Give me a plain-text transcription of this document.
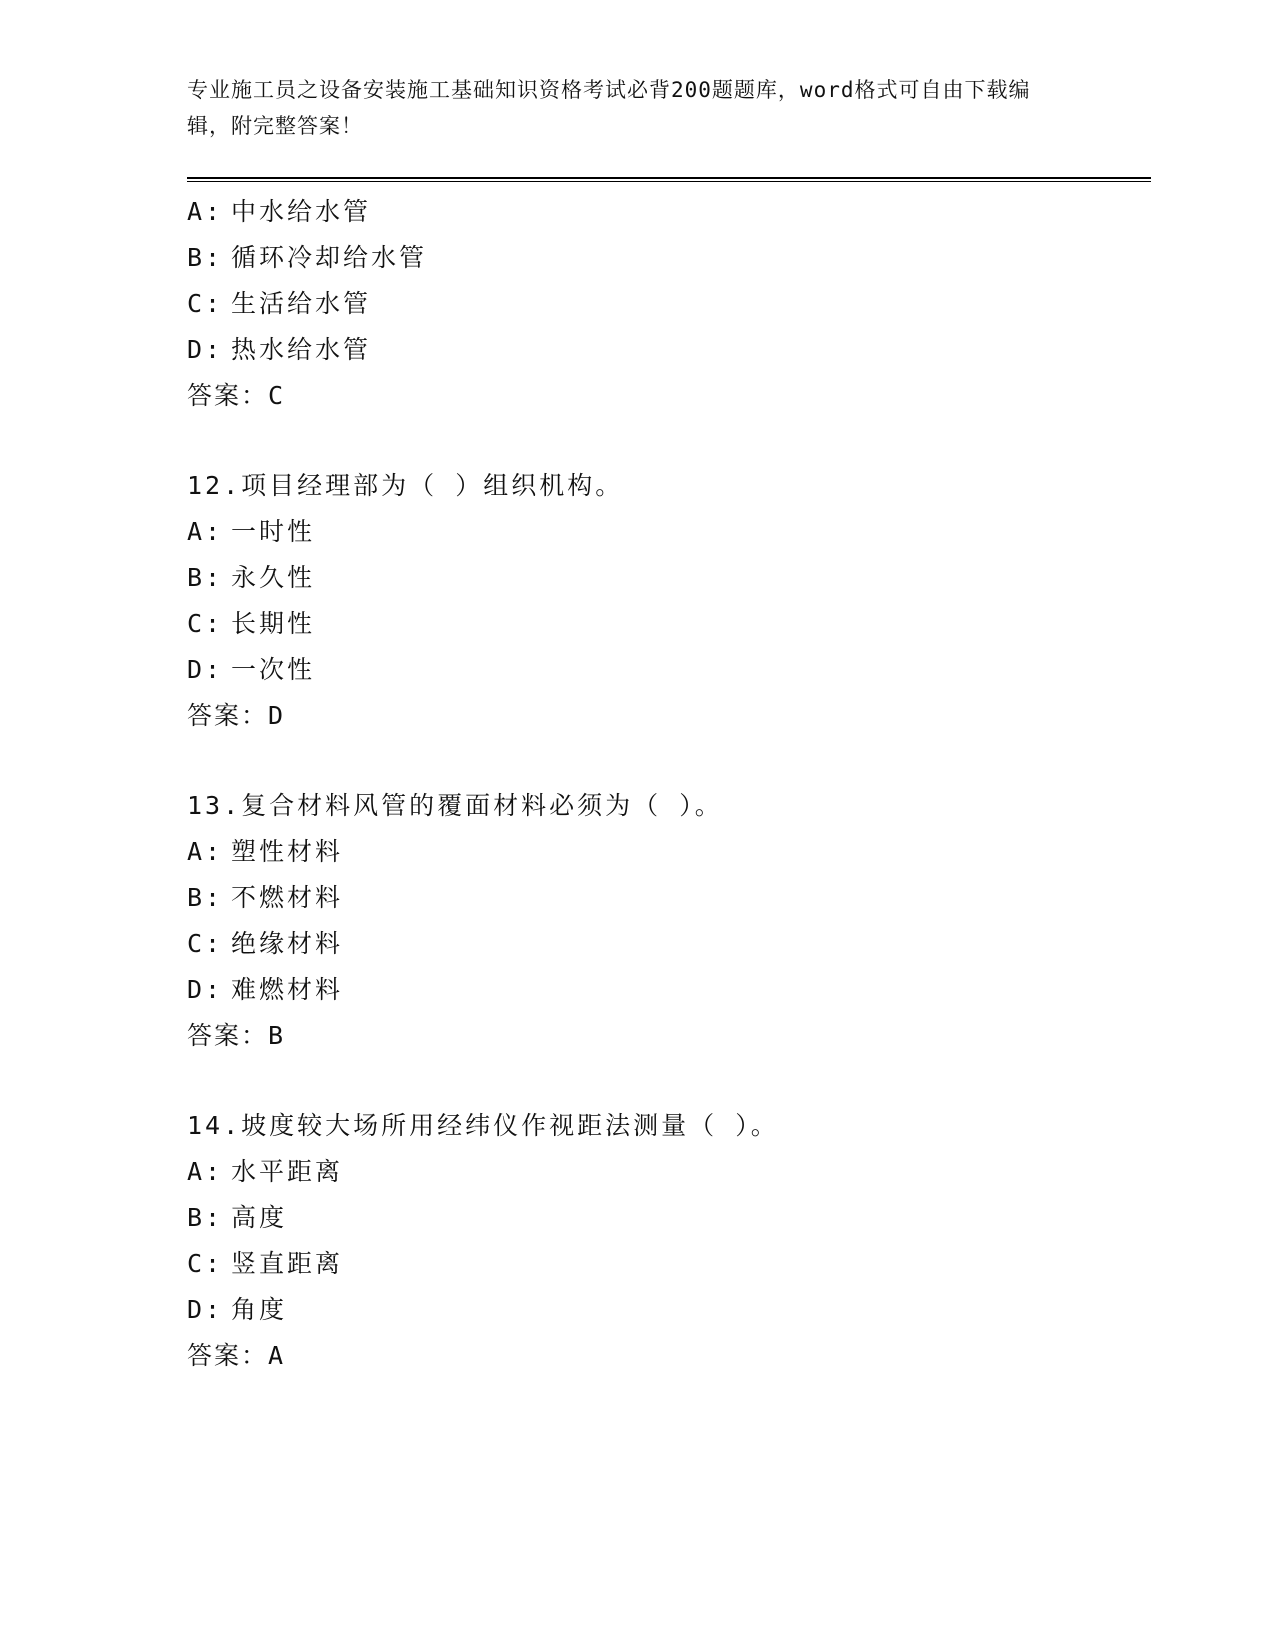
专业施工员之设备安装施工基础知识资格考试必背200题题库，word格式可自由下载编辑，附完整答案！
A: 中水给水管
B: 循环冷却给水管
C: 生活给水管
D: 热水给水管
答案：C
12.项目经理部为（ ）组织机构。
A: 一时性
B: 永久性
C: 长期性
D: 一次性
答案：D
13.复合材料风管的覆面材料必须为（ ）。
A: 塑性材料
B: 不燃材料
C: 绝缘材料
D: 难燃材料
答案：B
14.坡度较大场所用经纬仪作视距法测量（ ）。
A: 水平距离
B: 高度
C: 竖直距离
D: 角度
答案：A
